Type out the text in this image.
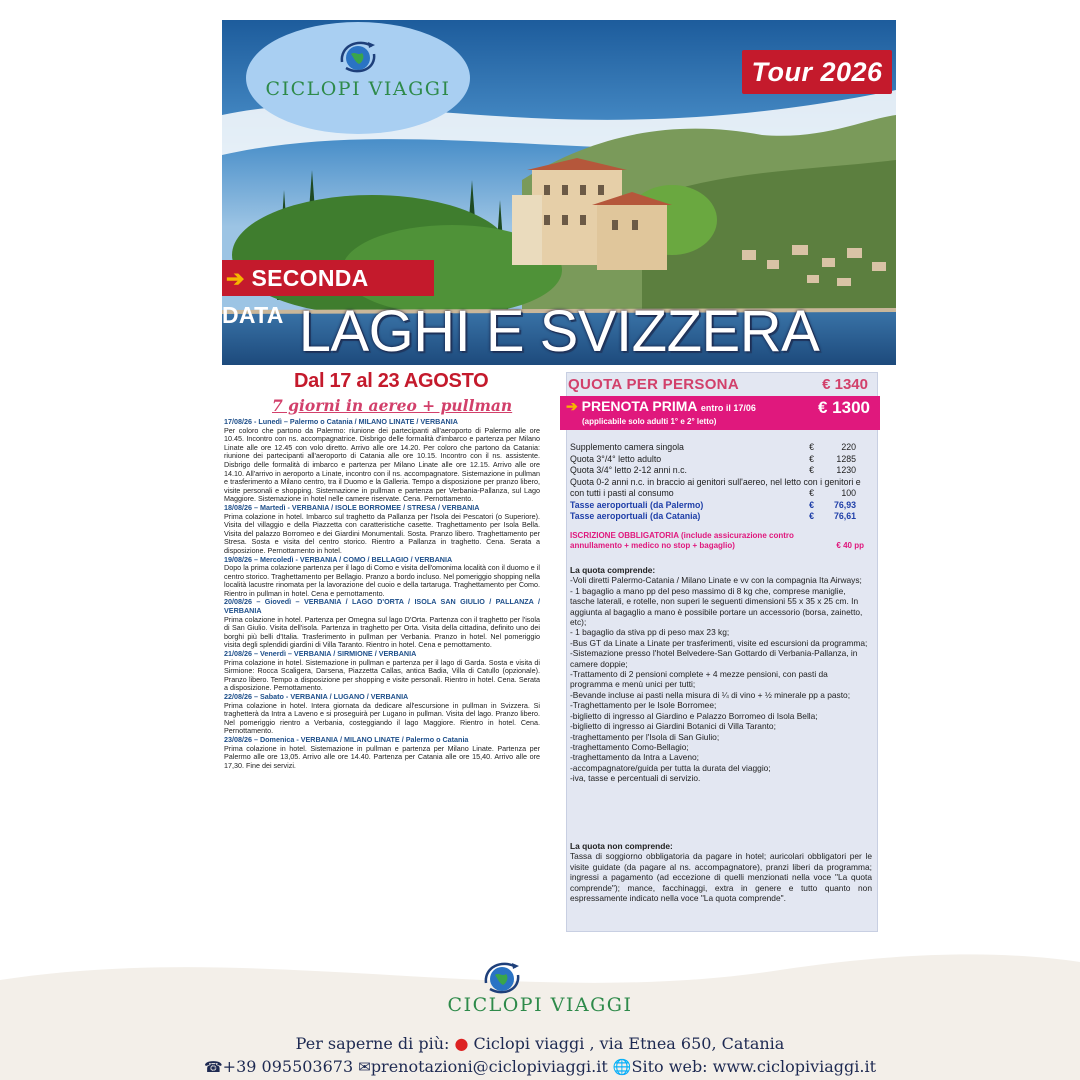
CICLOPI VIAGGI
Tour 2026
➔ SECONDA DATA LAGHI E SVIZZERA
Dal 17 al 23 AGOSTO
7 giorni in aereo + pullman

17/08/26 - Lunedì – Palermo o Catania / MILANO LINATE / VERBANIA
Per coloro che partono da Palermo: riunione dei partecipanti all'aeroporto di Palermo alle ore 10.45. Incontro con ns. accompagnatrice. Disbrigo delle formalità d'imbarco e partenza per Milano Linate alle ore 12.45 con volo diretto. Arrivo alle ore 14.20. Per coloro che partono da Catania: riunione dei partecipanti all'aeroporto di Catania alle ore 10.15. Incontro con il ns. assistente. Disbrigo delle formalità di imbarco e partenza per Milano Linate alle ore 12.15. Arrivo alle ore 14.10. All'arrivo in aeroporto a Linate, incontro con il ns. accompagnatore. Sistemazione in pullman e trasferimento a Milano centro, tra il Duomo e la Galleria. Tempo a disposizione per pranzo libero, visite personali e shopping. Sistemazione in pullman e partenza per Verbania-Pallanza, sul Lago Maggiore. Sistemazione in hotel nelle camere riservate. Cena. Pernottamento.

18/08/26 – Martedì - VERBANIA / ISOLE BORROMEE / STRESA / VERBANIA
Prima colazione in hotel. Imbarco sul traghetto da Pallanza per l'Isola dei Pescatori (o Superiore). Visita del villaggio e della Piazzetta con caratteristiche casette. Traghettamento per Isola Bella. Visita del palazzo Borromeo e dei Giardini Monumentali. Sosta. Pranzo libero. Traghettamento per Stresa. Sosta e visita del centro storico. Rientro a Pallanza in traghetto. Cena. Serata a disposizione. Pernottamento in hotel.

19/08/26 – Mercoledì - VERBANIA / COMO / BELLAGIO / VERBANIA
Dopo la prima colazione partenza per il lago di Como e visita dell'omonima località con il duomo e il centro storico. Traghettamento per Bellagio. Pranzo a bordo incluso. Nel pomeriggio shopping nella località lacustre rinomata per la lavorazione del cuoio e della tartaruga. Traghettamento per Como. Rientro in pullman in hotel. Cena e pernottamento.

20/08/26 – Giovedì – VERBANIA / LAGO D'ORTA / ISOLA SAN GIULIO / PALLANZA / VERBANIA
Prima colazione in hotel. Partenza per Omegna sul lago D'Orta. Partenza con il traghetto per l'isola di San Giulio. Visita dell'isola. Partenza in traghetto per Orta. Visita della cittadina, definito uno dei borghi più belli d'Italia. Trasferimento in pullman per Verbania. Pranzo in hotel. Nel pomeriggio visita degli splendidi giardini di Villa Taranto. Rientro in hotel. Cena e pernottamento.

21/08/26 – Venerdì – VERBANIA / SIRMIONE / VERBANIA
Prima colazione in hotel. Sistemazione in pullman e partenza per il lago di Garda. Sosta e visita di Sirmione: Rocca Scaligera, Darsena, Piazzetta Callas, antica Badia, Villa di Catullo (opzionale). Pranzo libero. Tempo a disposizione per shopping e visite personali. Rientro in hotel. Cena. Serata a disposizione. Pernottamento.

22/08/26 – Sabato - VERBANIA / LUGANO / VERBANIA
Prima colazione in hotel. Intera giornata da dedicare all'escursione in pullman in Svizzera. Si traghetterà da Intra a Laveno e si proseguirà per Lugano in pullman. Visita del lago. Pranzo libero. Nel pomeriggio rientro a Verbania, costeggiando il lago Maggiore. Rientro in hotel. Cena. Pernottamento.

23/08/26 – Domenica - VERBANIA / MILANO LINATE / Palermo o Catania
Prima colazione in hotel. Sistemazione in pullman e partenza per Milano Linate. Partenza per Palermo alle ore 13,05. Arrivo alle ore 14.40. Partenza per Catania alle ore 15,40. Arrivo alle ore 17,30. Fine dei servizi.

QUOTA PER PERSONA	€ 1340
➔ PRENOTA PRIMA entro il 17/06
(applicabile solo adulti 1° e 2° letto)
€ 1300
Supplemento camera singola	€	220
Quota 3°/4° letto adulto	€	1285
Quota 3/4° letto 2-12 anni n.c.	€	1230
Quota 0-2 anni n.c. in braccio ai genitori sull'aereo, nel letto con i genitori e con tutti i pasti al consumo	€	100
Tasse aeroportuali (da Palermo)	€ 76,93
Tasse aeroportuali (da Catania)	€ 76,61
ISCRIZIONE OBBLIGATORIA (include assicurazione contro annullamento + medico no stop + bagaglio)	€ 40 pp
La quota comprende:
-Voli diretti Palermo-Catania / Milano Linate e vv con la compagnia Ita Airways;
- 1 bagaglio a mano pp del peso massimo di 8 kg che, comprese maniglie, tasche laterali, e rotelle, non superi le seguenti dimensioni 55 x 35 x 25 cm. In aggiunta al bagaglio a mano è possibile portare un accessorio (borsa, zainetto, etc);
- 1 bagaglio da stiva pp di peso max 23 kg;
-Bus GT da Linate a Linate per trasferimenti, visite ed escursioni da programma;
-Sistemazione presso l'hotel Belvedere-San Gottardo di Verbania-Pallanza, in camere doppie;
-Trattamento di 2 pensioni complete + 4 mezze pensioni, con pasti da programma e menù unici per tutti;
-Bevande incluse ai pasti nella misura di ¼ di vino + ½ minerale pp a pasto;
-Traghettamento per le Isole Borromee;
-biglietto di ingresso al Giardino e Palazzo Borromeo di Isola Bella;
-biglietto di ingresso ai Giardini Botanici di Villa Taranto;
-traghettamento per l'Isola di San Giulio;
-traghettamento Como-Bellagio;
-traghettamento da Intra a Laveno;
-accompagnatore/guida per tutta la durata del viaggio;
-iva, tasse e percentuali di servizio.
La quota non comprende:
Tassa di soggiorno obbligatoria da pagare in hotel; auricolari obbligatori per le visite guidate (da pagare al ns. accompagnatore), pranzi liberi da programma; ingressi a pagamento (ad eccezione di quelli menzionati nella voce "La quota comprende"); mance, facchinaggi, extra in genere e tutto quanto non espressamente indicato nella voce "La quota comprende".
CICLOPI VIAGGI
Per saperne di più: ● Ciclopi viaggi , via Etnea 650, Catania
☎+39 095503673 ✉prenotazioni@ciclopiviaggi.it 🌐Sito web: www.ciclopiviaggi.it
